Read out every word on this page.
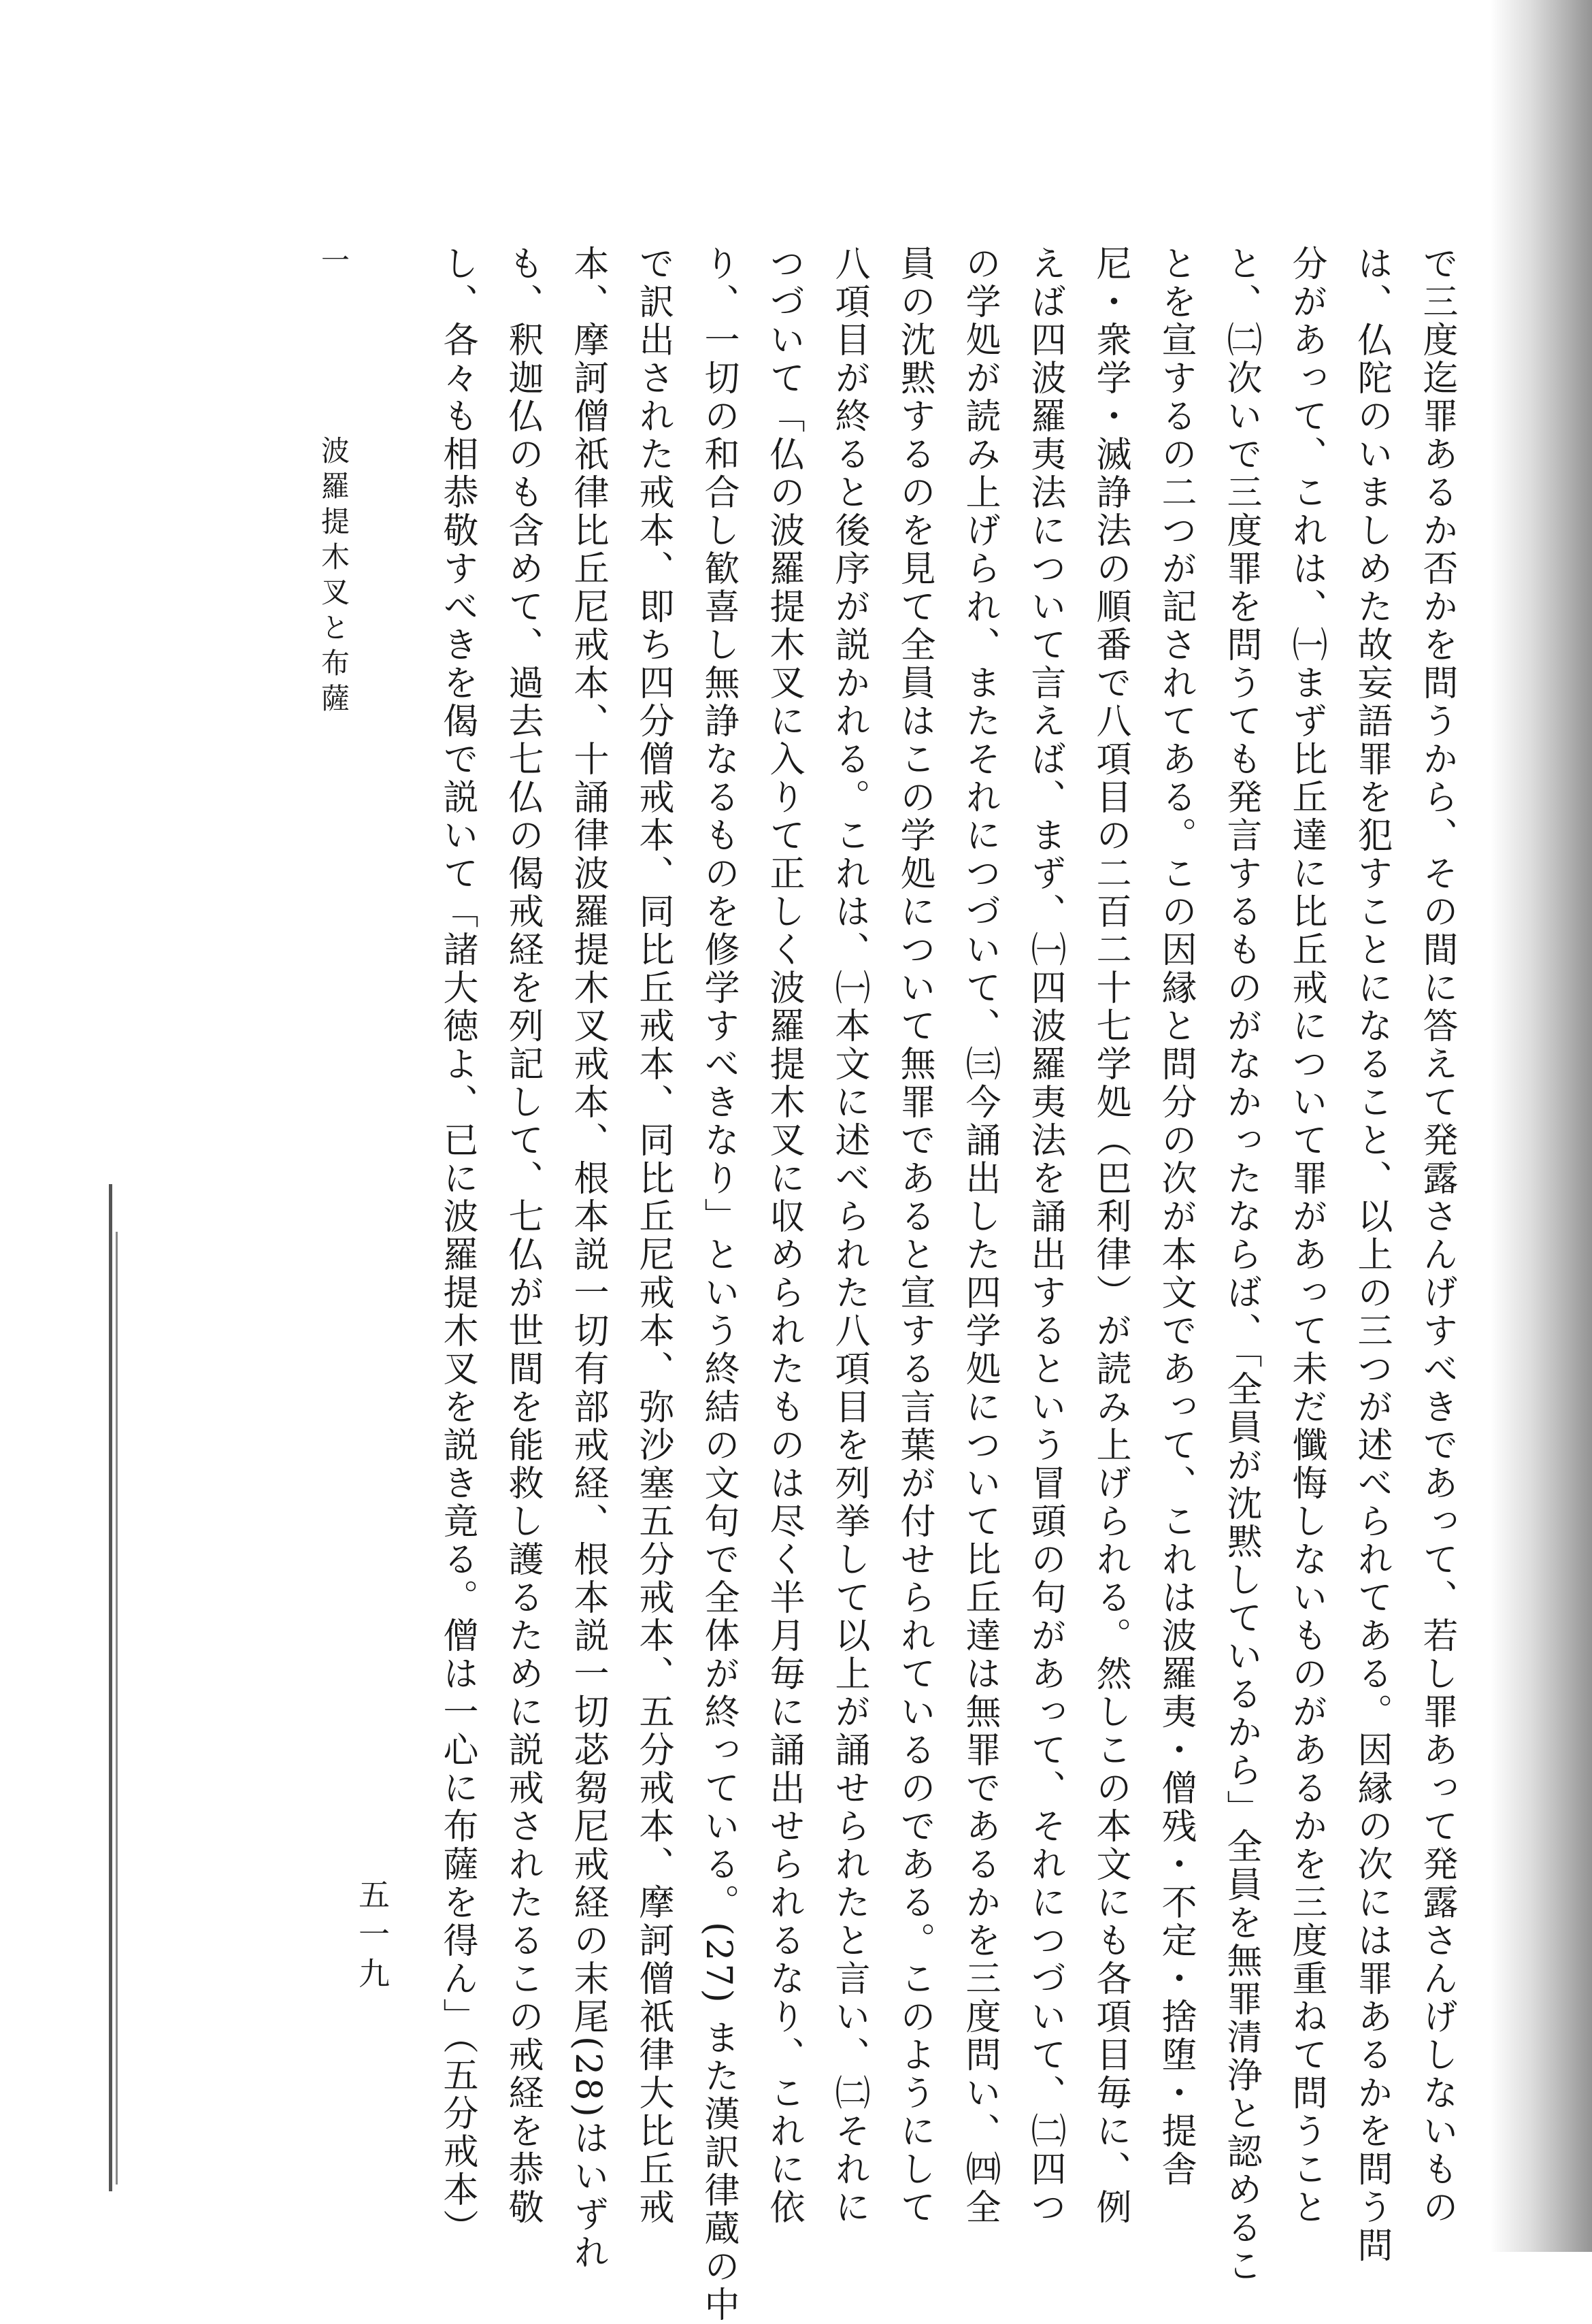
で三度迄罪あるか否かを問うから、その間に答えて発露さんげすべきであって、若し罪あって発露さんげしないもの

は、仏陀のいましめた故妄語罪を犯すことになること、以上の三つが述べられてある。因縁の次には罪あるかを問う問

分があって、これは、㈠まず比丘達に比丘戒について罪があって未だ懺悔しないものがあるかを三度重ねて問うこと

と、㈡次いで三度罪を問うても発言するものがなかったならば、「全員が沈黙しているから」全員を無罪清浄と認めるこ

とを宣するの二つが記されてある。この因縁と問分の次が本文であって、これは波羅夷・僧残・不定・捨堕・提舎

尼・衆学・滅諍法の順番で八項目の二百二十七学処（巴利律）が読み上げられる。然しこの本文にも各項目毎に、例

えば四波羅夷法について言えば、まず、㈠四波羅夷法を誦出するという冒頭の句があって、それにつづいて、㈡四つ

の学処が読み上げられ、またそれにつづいて、㈢今誦出した四学処について比丘達は無罪であるかを三度問い、㈣全

員の沈黙するのを見て全員はこの学処について無罪であると宣する言葉が付せられているのである。このようにして

八項目が終ると後序が説かれる。これは、㈠本文に述べられた八項目を列挙して以上が誦せられたと言い、㈡それに

つづいて「仏の波羅提木叉に入りて正しく波羅提木叉に収められたものは尽く半月毎に誦出せられるなり、これに依

り、一切の和合し歓喜し無諍なるものを修学すべきなり」という終結の文句で全体が終っている。(27) また漢訳律蔵の中

で訳出された戒本、即ち四分僧戒本、同比丘戒本、同比丘尼戒本、弥沙塞五分戒本、五分戒本、摩訶僧祇律大比丘戒

本、摩訶僧祇律比丘尼戒本、十誦律波羅提木叉戒本、根本説一切有部戒経、根本説一切苾芻尼戒経の末尾(28)はいずれ

も、釈迦仏のも含めて、過去七仏の偈戒経を列記して、七仏が世間を能救し護るために説戒されたるこの戒経を恭敬

し、各々も相恭敬すべきを偈で説いて「諸大徳よ、已に波羅提木叉を説き竟る。僧は一心に布薩を得ん」（五分戒本）

一
波羅提木叉と布薩
五一九
